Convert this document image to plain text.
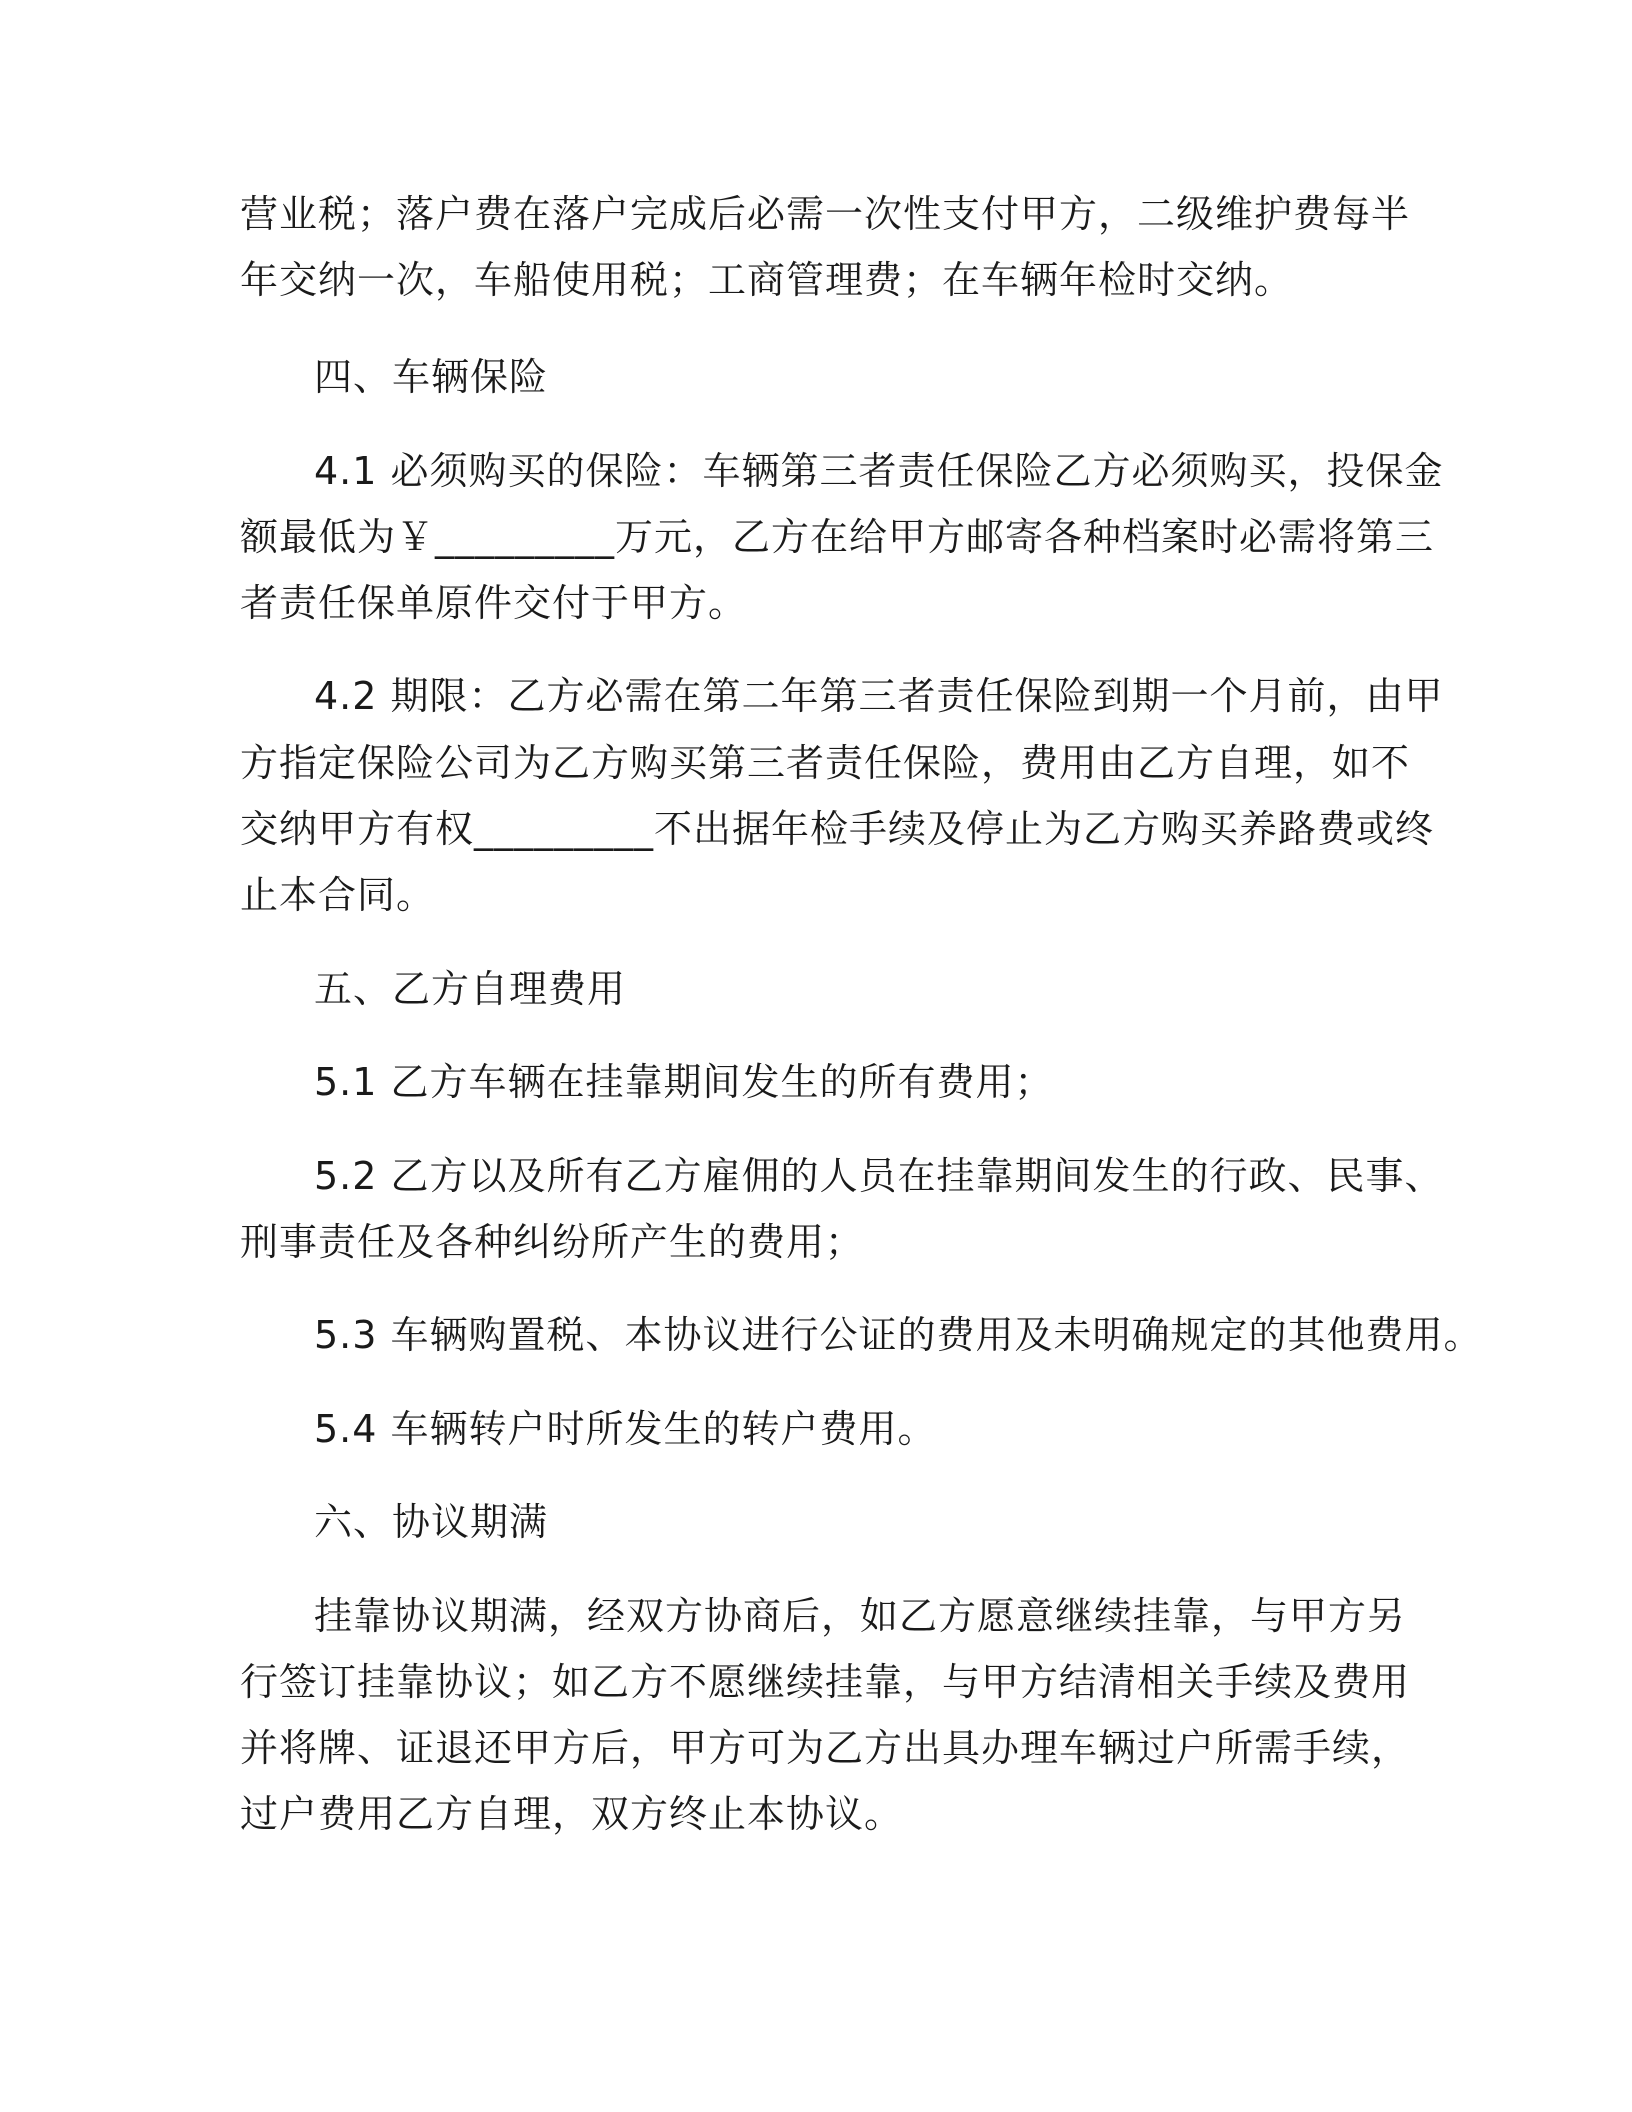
营业税；落户费在落户完成后必需一次性支付甲方，二级维护费每半

年交纳一次，车船使用税；工商管理费；在车辆年检时交纳。

四、车辆保险

4.1 必须购买的保险：车辆第三者责任保险乙方必须购买，投保金

额最低为￥_________万元，乙方在给甲方邮寄各种档案时必需将第三

者责任保单原件交付于甲方。

4.2 期限：乙方必需在第二年第三者责任保险到期一个月前，由甲

方指定保险公司为乙方购买第三者责任保险，费用由乙方自理，如不

交纳甲方有权_________不出据年检手续及停止为乙方购买养路费或终

止本合同。

五、乙方自理费用

5.1 乙方车辆在挂靠期间发生的所有费用；

5.2 乙方以及所有乙方雇佣的人员在挂靠期间发生的行政、民事、

刑事责任及各种纠纷所产生的费用；

5.3 车辆购置税、本协议进行公证的费用及未明确规定的其他费用。

5.4 车辆转户时所发生的转户费用。

六、协议期满

挂靠协议期满，经双方协商后，如乙方愿意继续挂靠，与甲方另

行签订挂靠协议；如乙方不愿继续挂靠，与甲方结清相关手续及费用

并将牌、证退还甲方后，甲方可为乙方出具办理车辆过户所需手续，

过户费用乙方自理，双方终止本协议。
